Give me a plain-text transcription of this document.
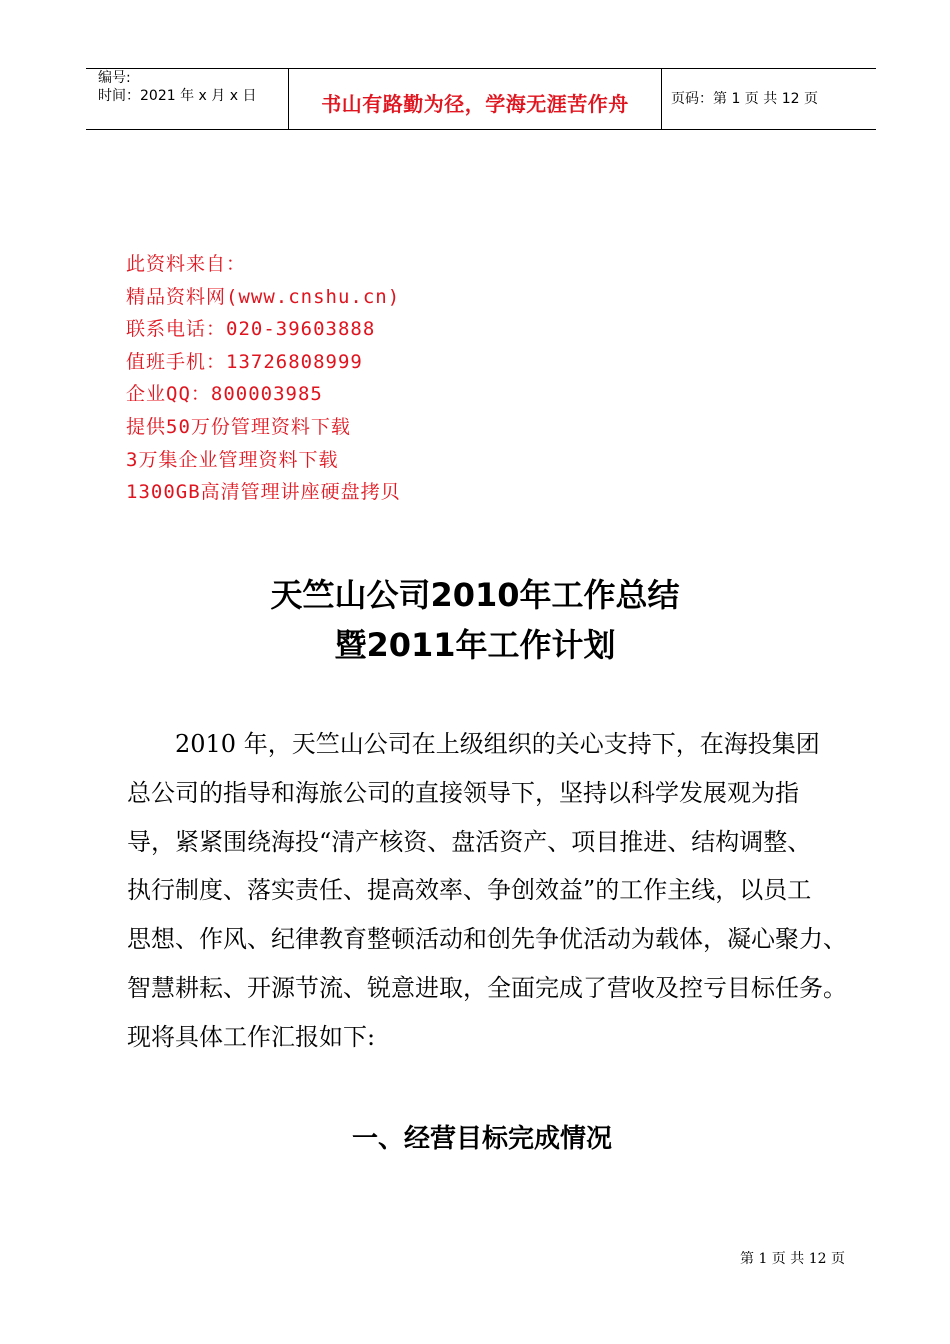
编号:
时间：2021 年 x 月 x 日	书山有路勤为径，学海无涯苦作舟	页码：第 1 页 共 12 页
此资料来自：
精品资料网(www.cnshu.cn)
联系电话：020-39603888
值班手机：13726808999
企业QQ：800003985
提供50万份管理资料下载
3万集企业管理资料下载
1300GB高清管理讲座硬盘拷贝
天竺山公司2010年工作总结
暨2011年工作计划
　　2010 年，天竺山公司在上级组织的关心支持下，在海投集团
总公司的指导和海旅公司的直接领导下，坚持以科学发展观为指
导，紧紧围绕海投“清产核资、盘活资产、项目推进、结构调整、
执行制度、落实责任、提高效率、争创效益”的工作主线，以员工
思想、作风、纪律教育整顿活动和创先争优活动为载体，凝心聚力、
智慧耕耘、开源节流、锐意进取，全面完成了营收及控亏目标任务。
现将具体工作汇报如下:
一、经营目标完成情况
第 1 页 共 12 页
